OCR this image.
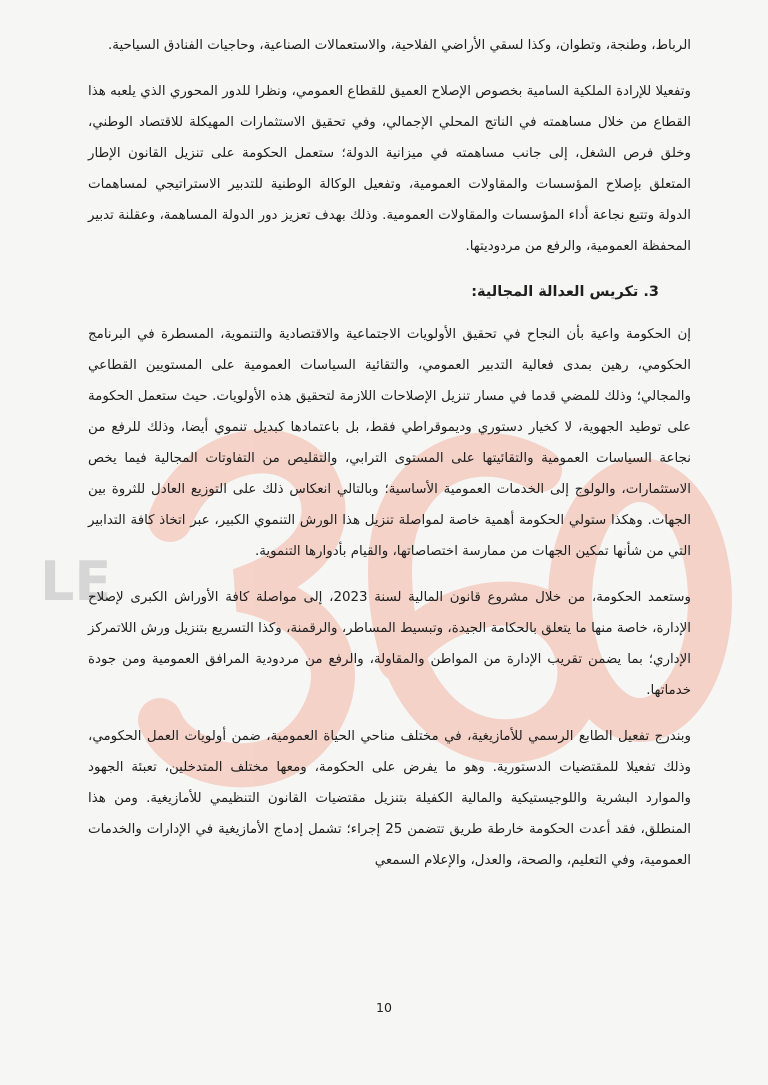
LE

الرباط، وطنجة، وتطوان، وكذا لسقي الأراضي الفلاحية، والاستعمالات الصناعية، وحاجيات الفنادق السياحية.

وتفعيلا للإرادة الملكية السامية بخصوص الإصلاح العميق للقطاع العمومي، ونظرا للدور المحوري الذي يلعبه هذا القطاع من خلال مساهمته في الناتج المحلي الإجمالي، وفي تحقيق الاستثمارات المهيكلة للاقتصاد الوطني، وخلق فرص الشغل، إلى جانب مساهمته في ميزانية الدولة؛ ستعمل الحكومة على تنزيل القانون الإطار المتعلق بإصلاح المؤسسات والمقاولات العمومية، وتفعيل الوكالة الوطنية للتدبير الاستراتيجي لمساهمات الدولة وتتبع نجاعة أداء المؤسسات والمقاولات العمومية. وذلك بهدف تعزيز دور الدولة المساهمة، وعقلنة تدبير المحفظة العمومية، والرفع من مردوديتها.

3. تكريس العدالة المجالية:

إن الحكومة واعية بأن النجاح في تحقيق الأولويات الاجتماعية والاقتصادية والتنموية، المسطرة في البرنامج الحكومي، رهين بمدى فعالية التدبير العمومي، والتقائية السياسات العمومية على المستويين القطاعي والمجالي؛ وذلك للمضي قدما في مسار تنزيل الإصلاحات اللازمة لتحقيق هذه الأولويات. حيث ستعمل الحكومة على توطيد الجهوية، لا كخيار دستوري وديموقراطي فقط، بل باعتمادها كبديل تنموي أيضا، وذلك للرفع من نجاعة السياسات العمومية والتقائيتها على المستوى الترابي، والتقليص من التفاوتات المجالية فيما يخص الاستثمارات، والولوج إلى الخدمات العمومية الأساسية؛ وبالتالي انعكاس ذلك على التوزيع العادل للثروة بين الجهات. وهكذا ستولي الحكومة أهمية خاصة لمواصلة تنزيل هذا الورش التنموي الكبير، عبر اتخاذ كافة التدابير التي من شأنها تمكين الجهات من ممارسة اختصاصاتها، والقيام بأدوارها التنموية.

وستعمد الحكومة، من خلال مشروع قانون المالية لسنة 2023، إلى مواصلة كافة الأوراش الكبرى لإصلاح الإدارة، خاصة منها ما يتعلق بالحكامة الجيدة، وتبسيط المساطر، والرقمنة، وكذا التسريع بتنزيل ورش اللاتمركز الإداري؛ بما يضمن تقريب الإدارة من المواطن والمقاولة، والرفع من مردودية المرافق العمومية ومن جودة خدماتها.

وبندرج تفعيل الطابع الرسمي للأمازيغية، في مختلف مناحي الحياة العمومية، ضمن أولويات العمل الحكومي، وذلك تفعيلا للمقتضيات الدستورية. وهو ما يفرض على الحكومة، ومعها مختلف المتدخلين، تعبئة الجهود والموارد البشرية واللوجيستيكية والمالية الكفيلة بتنزيل مقتضيات القانون التنظيمي للأمازيغية. ومن هذا المنطلق، فقد أعدت الحكومة خارطة طريق تتضمن 25 إجراء؛ تشمل إدماج الأمازيغية في الإدارات والخدمات العمومية، وفي التعليم، والصحة، والعدل، والإعلام السمعي

10
